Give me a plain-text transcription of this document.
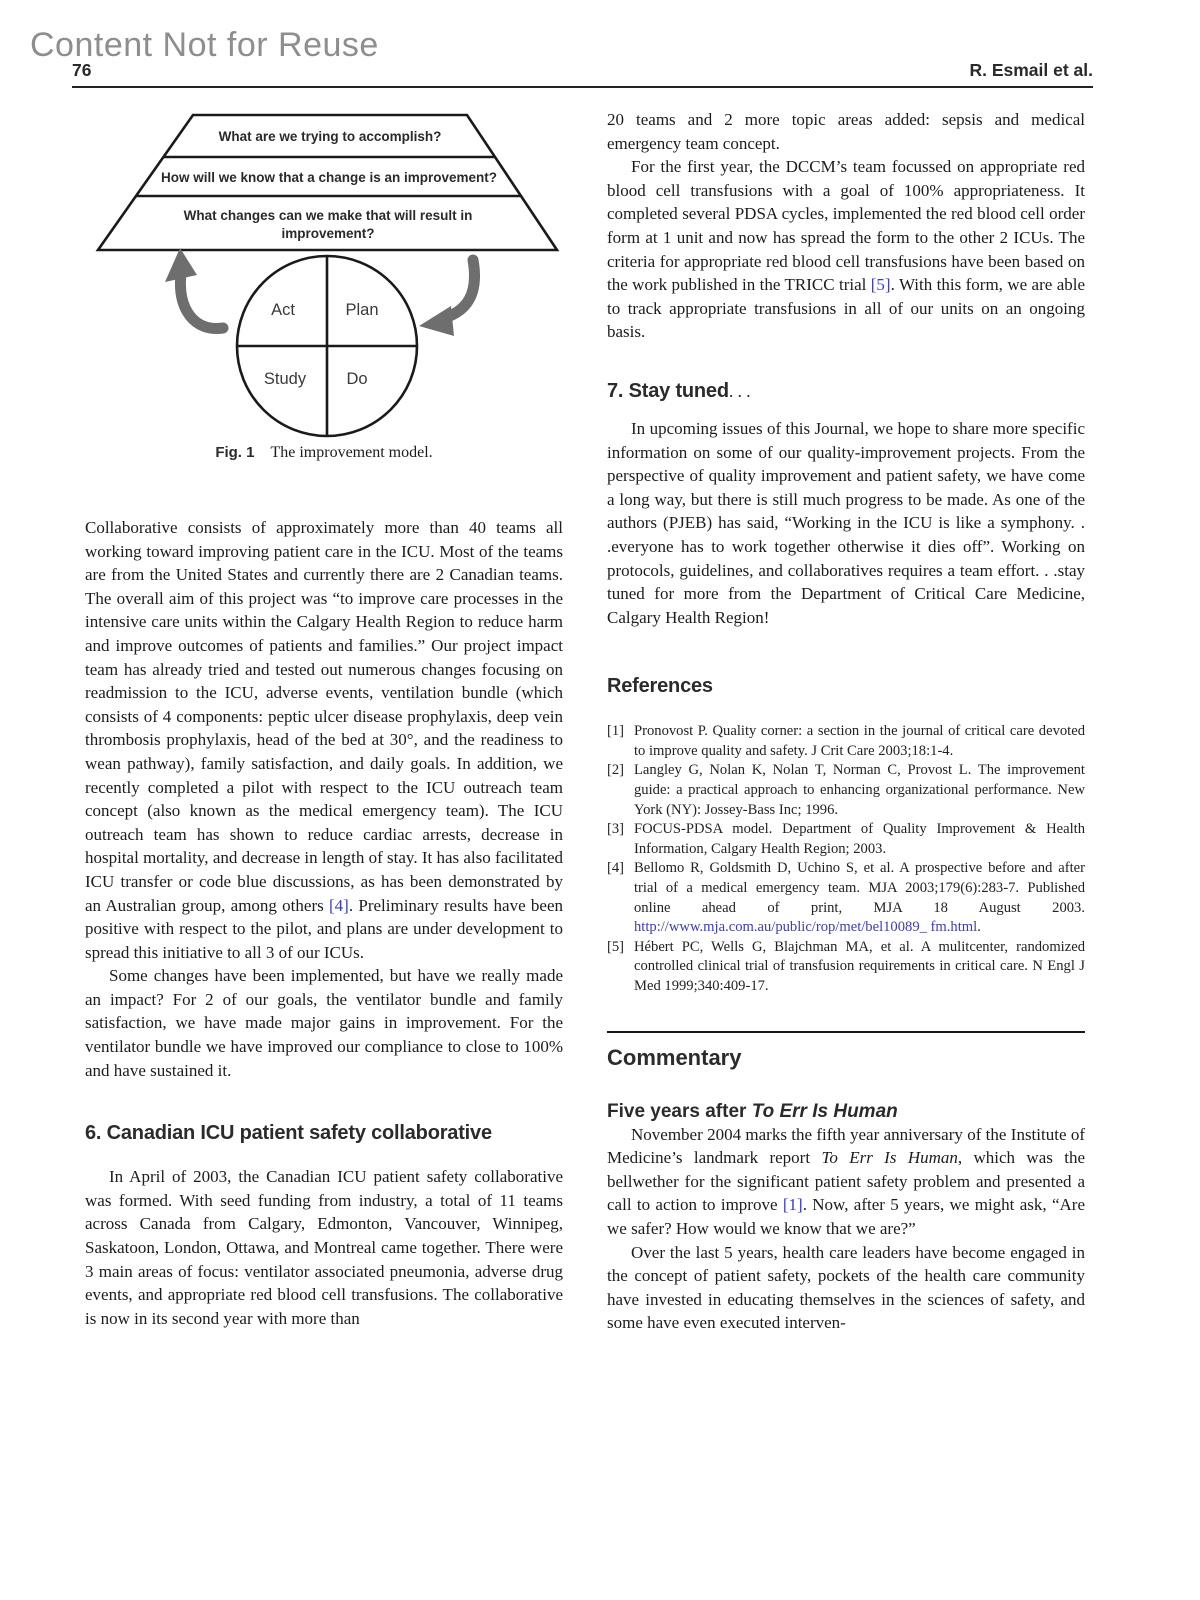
Content Not for Reuse
76	R. Esmail et al.
What are we trying to accomplish?
How will we know that a change is an improvement?
What changes can we make that will result in
improvement?
Act	Plan
Study Do
Fig. 1 The improvement model.

Collaborative consists of approximately more than 40 teams all working toward improving patient care in the ICU. Most of the teams are from the United States and currently there are 2 Canadian teams. The overall aim of this project was “to improve care processes in the intensive care units within the Calgary Health Region to reduce harm and improve outcomes of patients and families.” Our project impact team has already tried and tested out numerous changes focusing on readmission to the ICU, adverse events, ventilation bundle (which consists of 4 components: peptic ulcer disease prophylaxis, deep vein thrombosis prophylaxis, head of the bed at 30°, and the readiness to wean pathway), family satisfaction, and daily goals. In addition, we recently completed a pilot with respect to the ICU outreach team concept (also known as the medical emergency team). The ICU outreach team has shown to reduce cardiac arrests, decrease in hospital mortality, and decrease in length of stay. It has also facilitated ICU transfer or code blue discussions, as has been demonstrated by an Australian group, among others [4]. Preliminary results have been positive with respect to the pilot, and plans are under development to spread this initiative to all 3 of our ICUs.

Some changes have been implemented, but have we really made an impact? For 2 of our goals, the ventilator bundle and family satisfaction, we have made major gains in improvement. For the ventilator bundle we have improved our compliance to close to 100% and have sustained it.

6. Canadian ICU patient safety collaborative

In April of 2003, the Canadian ICU patient safety collaborative was formed. With seed funding from industry, a total of 11 teams across Canada from Calgary, Edmonton, Vancouver, Winnipeg, Saskatoon, London, Ottawa, and Montreal came together. There were 3 main areas of focus: ventilator associated pneumonia, adverse drug events, and appropriate red blood cell transfusions. The collaborative is now in its second year with more than

20 teams and 2 more topic areas added: sepsis and medical emergency team concept.

For the first year, the DCCM’s team focussed on appropriate red blood cell transfusions with a goal of 100% appropriateness. It completed several PDSA cycles, implemented the red blood cell order form at 1 unit and now has spread the form to the other 2 ICUs. The criteria for appropriate red blood cell transfusions have been based on the work published in the TRICC trial [5]. With this form, we are able to track appropriate transfusions in all of our units on an ongoing basis.

7. Stay tuned. . .

In upcoming issues of this Journal, we hope to share more specific information on some of our quality-improvement projects. From the perspective of quality improvement and patient safety, we have come a long way, but there is still much progress to be made. As one of the authors (PJEB) has said, “Working in the ICU is like a symphony. . .everyone has to work together otherwise it dies off”. Working on protocols, guidelines, and collaboratives requires a team effort. . .stay tuned for more from the Department of Critical Care Medicine, Calgary Health Region!

References

[1] Pronovost P. Quality corner: a section in the journal of critical care devoted to improve quality and safety. J Crit Care 2003;18:1-4.

[2] Langley G, Nolan K, Nolan T, Norman C, Provost L. The improvement guide: a practical approach to enhancing organizational performance. New York (NY): Jossey-Bass Inc; 1996.

[3] FOCUS-PDSA model. Department of Quality Improvement & Health Information, Calgary Health Region; 2003.

[4] Bellomo R, Goldsmith D, Uchino S, et al. A prospective before and after trial of a medical emergency team. MJA 2003;179(6):283-7. Published online ahead of print, MJA 18 August 2003. http://www.mja.com.au/public/rop/met/bel10089_ fm.html.

[5] Hébert PC, Wells G, Blajchman MA, et al. A mulitcenter, randomized controlled clinical trial of transfusion requirements in critical care. N Engl J Med 1999;340:409-17.

Commentary
Five years after To Err Is Human

November 2004 marks the fifth year anniversary of the Institute of Medicine’s landmark report To Err Is Human, which was the bellwether for the significant patient safety problem and presented a call to action to improve [1]. Now, after 5 years, we might ask, “Are we safer? How would we know that we are?”

Over the last 5 years, health care leaders have become engaged in the concept of patient safety, pockets of the health care community have invested in educating themselves in the sciences of safety, and some have even executed interven-
